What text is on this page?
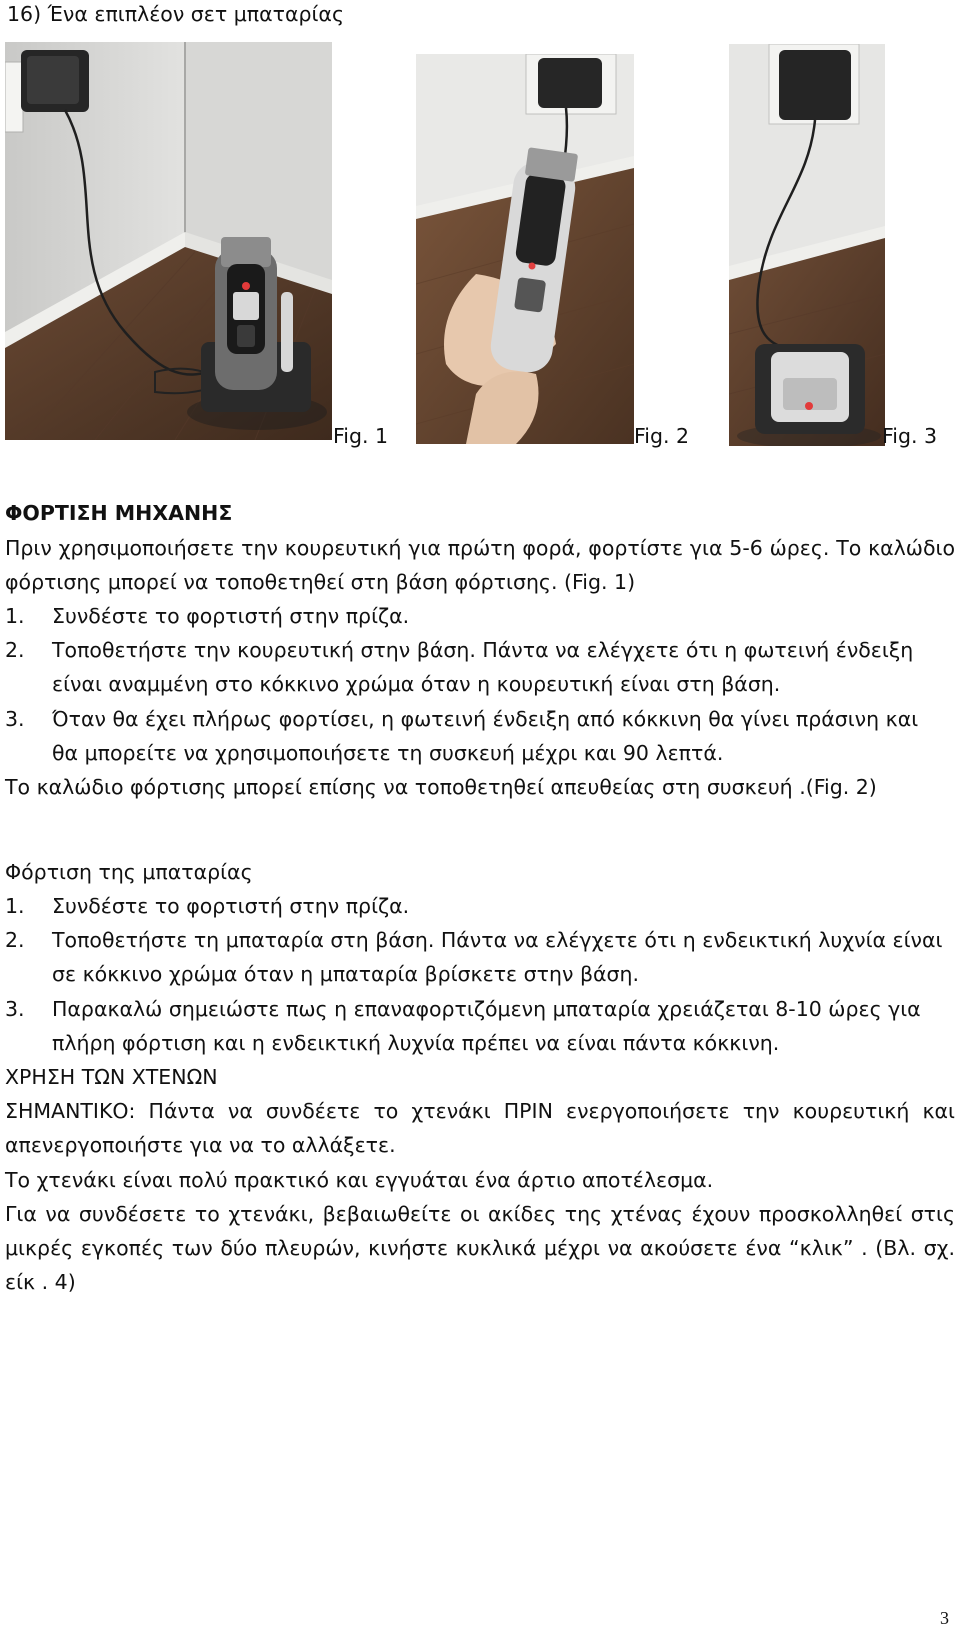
16) Ένα επιπλέον σετ μπαταρίας
Fig. 1	Fig. 2	Fig. 3
ΦΟΡΤΙΣΗ ΜΗΧΑΝΗΣ
Πριν χρησιμοποιήσετε την κουρευτική για πρώτη φορά, φορτίστε για 5-6 ώρες. Το καλώδιο
φόρτισης μπορεί να τοποθετηθεί στη βάση φόρτισης. (Fig. 1)
1. Συνδέστε το φορτιστή στην πρίζα.
2. Τοποθετήστε την κουρευτική στην βάση. Πάντα να ελέγχετε ότι η φωτεινή ένδειξη
είναι αναμμένη στο κόκκινο χρώμα όταν η κουρευτική είναι στη βάση.
3. Όταν θα έχει πλήρως φορτίσει, η φωτεινή ένδειξη από κόκκινη θα γίνει πράσινη και
θα μπορείτε να χρησιμοποιήσετε τη συσκευή μέχρι και 90 λεπτά.
Το καλώδιο φόρτισης μπορεί επίσης να τοποθετηθεί απευθείας στη συσκευή .(Fig. 2)
Φόρτιση της μπαταρίας
1. Συνδέστε το φορτιστή στην πρίζα.
2. Τοποθετήστε τη μπαταρία στη βάση. Πάντα να ελέγχετε ότι η ενδεικτική λυχνία είναι
σε κόκκινο χρώμα όταν η μπαταρία βρίσκετε στην βάση.
3. Παρακαλώ σημειώστε πως η επαναφορτιζόμενη μπαταρία χρειάζεται 8-10 ώρες για
πλήρη φόρτιση και η ενδεικτική λυχνία πρέπει να είναι πάντα κόκκινη.
ΧΡΗΣΗ ΤΩΝ ΧΤΕΝΩΝ
ΣΗΜΑΝΤΙΚΟ: Πάντα να συνδέετε το χτενάκι ΠΡΙΝ ενεργοποιήσετε την κουρευτική και
απενεργοποιήστε για να το αλλάξετε.
Το χτενάκι είναι πολύ πρακτικό και εγγυάται ένα άρτιο αποτέλεσμα.
Για να συνδέσετε το χτενάκι, βεβαιωθείτε οι ακίδες της χτένας έχουν προσκολληθεί στις
μικρές εγκοπές των δύο πλευρών, κινήστε κυκλικά μέχρι να ακούσετε ένα “κλικ” . (Βλ. σχ.
είκ . 4)
3
